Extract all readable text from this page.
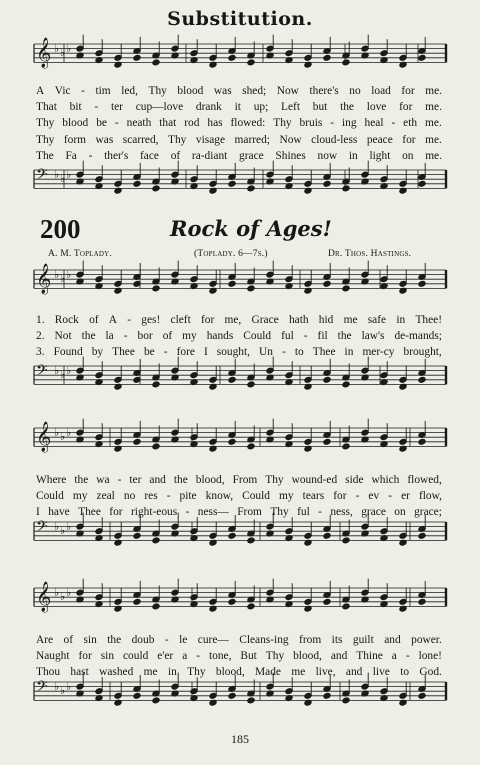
Substitution.
𝄞 ♭ ♭ ♭
𝄢 ♭ ♭ ♭
𝄞 ♭ ♭ ♭
𝄢 ♭ ♭ ♭
𝄞 ♭ ♭ ♭
𝄢 ♭ ♭ ♭
𝄞 ♭ ♭ ♭
𝄢 ♭ ♭ ♭
A Vic - tim led, Thy blood was shed; Now there's no load for me.
That bit - ter cup—love drank it up; Left but the love for me.
Thy blood be - neath that rod has flowed: Thy bruis - ing heal - eth me.
Thy form was scarred, Thy visage marred; Now cloud-less peace for me.
The Fa - ther's face of ra-diant grace Shines now in light on me.
200	Rock of Ages!
A. M. Toplady.	(Toplady. 6—7s.)	Dr. Thos. Hastings.
1. Rock of A - ges! cleft for me, Grace hath hid me safe in Thee!
2. Not the la - bor of my hands Could ful - fil the law's de-mands;
3. Found by Thee be - fore I sought, Un - to Thee in mer-cy brought,
Where the wa - ter and the blood, From Thy wound-ed side which flowed,
Could my zeal no res - pite know, Could my tears for - ev - er flow,
I have Thee for right-eous - ness— From Thy ful - ness, grace on grace;
Are of sin the doub - le cure— Cleans-ing from its guilt and power.
Naught for sin could e'er a - tone, But Thy blood, and Thine a - lone!
Thou hast washed me in Thy blood, Made me live, and live to God.
185
